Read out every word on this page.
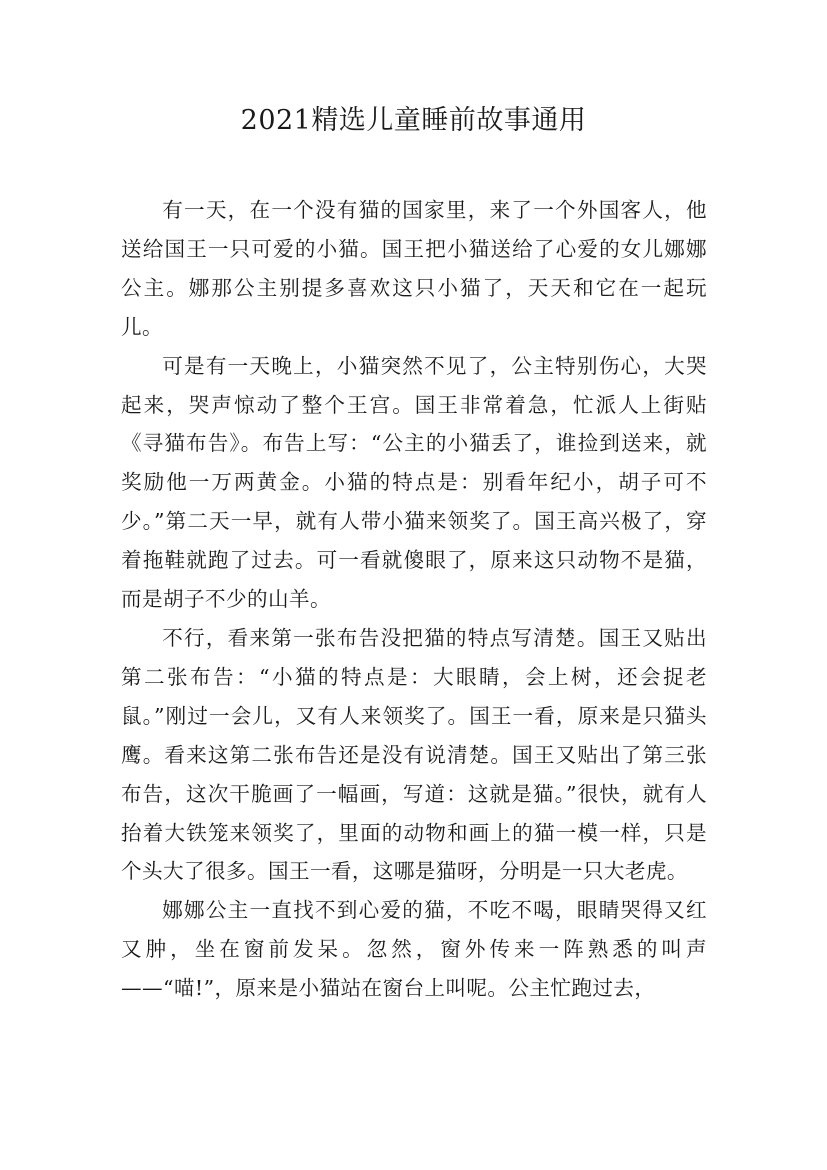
2021精选儿童睡前故事通用

有一天，在一个没有猫的国家里，来了一个外国客人，他送给国王一只可爱的小猫。国王把小猫送给了心爱的女儿娜娜公主。娜那公主别提多喜欢这只小猫了，天天和它在一起玩儿。

可是有一天晚上，小猫突然不见了，公主特别伤心，大哭起来，哭声惊动了整个王宫。国王非常着急，忙派人上街贴《寻猫布告》。布告上写：“公主的小猫丢了，谁捡到送来，就奖励他一万两黄金。小猫的特点是：别看年纪小，胡子可不少。”第二天一早，就有人带小猫来领奖了。国王高兴极了，穿着拖鞋就跑了过去。可一看就傻眼了，原来这只动物不是猫，而是胡子不少的山羊。

不行，看来第一张布告没把猫的特点写清楚。国王又贴出第二张布告：“小猫的特点是：大眼睛，会上树，还会捉老鼠。”刚过一会儿，又有人来领奖了。国王一看，原来是只猫头鹰。看来这第二张布告还是没有说清楚。国王又贴出了第三张布告，这次干脆画了一幅画，写道：这就是猫。”很快，就有人抬着大铁笼来领奖了，里面的动物和画上的猫一模一样，只是个头大了很多。国王一看，这哪是猫呀，分明是一只大老虎。

娜娜公主一直找不到心爱的猫，不吃不喝，眼睛哭得又红又肿，坐在窗前发呆。忽然，窗外传来一阵熟悉的叫声——“喵!”，原来是小猫站在窗台上叫呢。公主忙跑过去，
